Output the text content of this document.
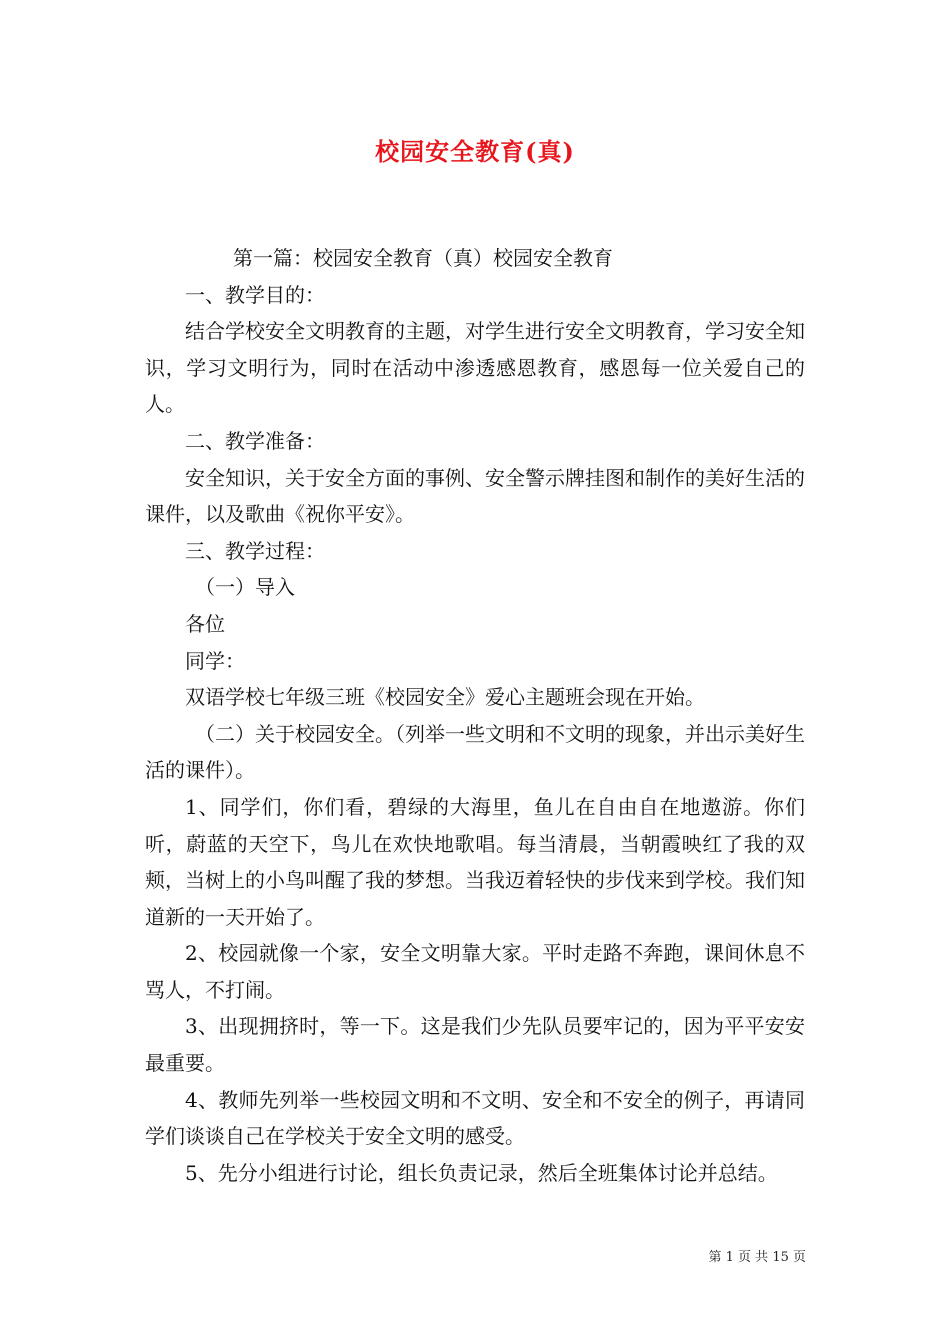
校园安全教育(真)

第一篇：校园安全教育（真）校园安全教育

一、教学目的：

结合学校安全文明教育的主题，对学生进行安全文明教育，学习安全知识，学习文明行为，同时在活动中渗透感恩教育，感恩每一位关爱自己的人。

二、教学准备：

安全知识，关于安全方面的事例、安全警示牌挂图和制作的美好生活的课件，以及歌曲《祝你平安》。

三、教学过程：

（一）导入

各位

同学：

双语学校七年级三班《校园安全》爱心主题班会现在开始。

（二）关于校园安全。（列举一些文明和不文明的现象，并出示美好生活的课件）。

1、同学们，你们看，碧绿的大海里，鱼儿在自由自在地遨游。你们听，蔚蓝的天空下，鸟儿在欢快地歌唱。每当清晨，当朝霞映红了我的双颊，当树上的小鸟叫醒了我的梦想。当我迈着轻快的步伐来到学校。我们知道新的一天开始了。

2、校园就像一个家，安全文明靠大家。平时走路不奔跑，课间休息不骂人，不打闹。

3、出现拥挤时，等一下。这是我们少先队员要牢记的，因为平平安安最重要。

4、教师先列举一些校园文明和不文明、安全和不安全的例子，再请同学们谈谈自己在学校关于安全文明的感受。

5、先分小组进行讨论，组长负责记录，然后全班集体讨论并总结。

第 1 页 共 15 页
